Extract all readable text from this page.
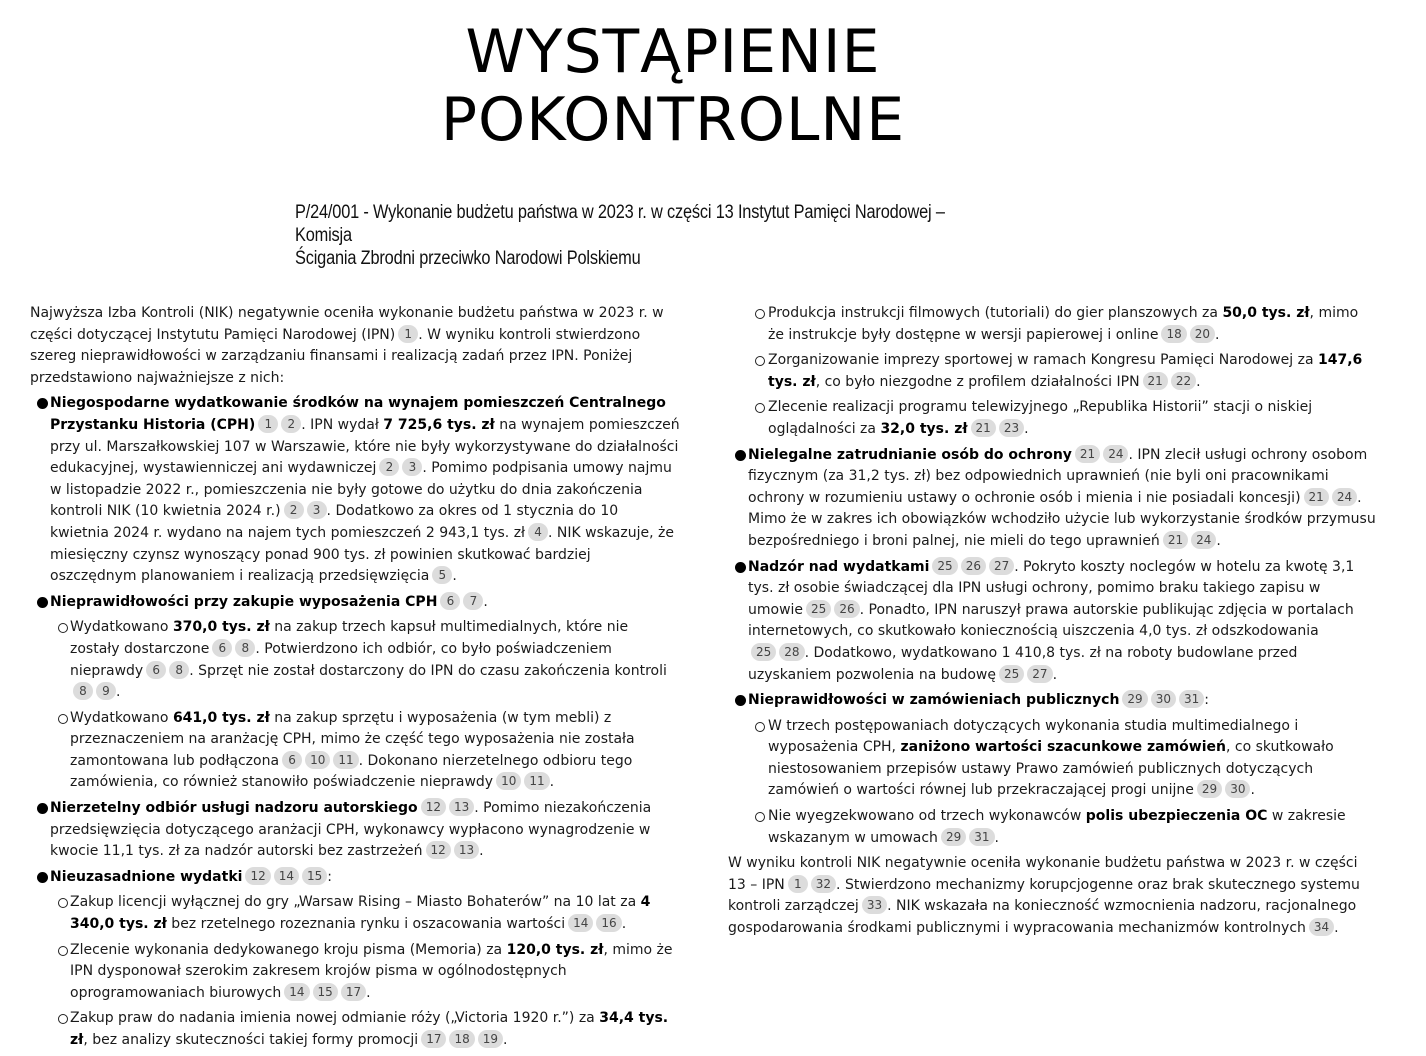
WYSTĄPIENIE
POKONTROLNE
P/24/001 - Wykonanie budżetu państwa w 2023 r. w części 13 Instytut Pamięci Narodowej – Komisja
Ścigania Zbrodni przeciwko Narodowi Polskiemu

Najwyższa Izba Kontroli (NIK) negatywnie oceniła wykonanie budżetu państwa w 2023 r. w części dotyczącej Instytutu Pamięci Narodowej (IPN) 1 . W wyniku kontroli stwierdzono szereg nieprawidłowości w zarządzaniu finansami i realizacją zadań przez IPN. Poniżej przedstawiono najważniejsze z nich:

Niegospodarne wydatkowanie środków na wynajem pomieszczeń Centralnego Przystanku Historia (CPH) 1 2 . IPN wydał 7 725,6 tys. zł na wynajem pomieszczeń przy ul. Marszałkowskiej 107 w Warszawie, które nie były wykorzystywane do działalności edukacyjnej, wystawienniczej ani wydawniczej 2 3 . Pomimo podpisania umowy najmu w listopadzie 2022 r., pomieszczenia nie były gotowe do użytku do dnia zakończenia kontroli NIK (10 kwietnia 2024 r.) 2 3 . Dodatkowo za okres od 1 stycznia do 10 kwietnia 2024 r. wydano na najem tych pomieszczeń 2 943,1 tys. zł 4 . NIK wskazuje, że miesięczny czynsz wynoszący ponad 900 tys. zł powinien skutkować bardziej oszczędnym planowaniem i realizacją przedsięwzięcia 5 .
Nieprawidłowości przy zakupie wyposażenia CPH 6 7 .
Wydatkowano 370,0 tys. zł na zakup trzech kapsuł multimedialnych, które nie zostały dostarczone 6 8 . Potwierdzono ich odbiór, co było poświadczeniem nieprawdy 6 8 . Sprzęt nie został dostarczony do IPN do czasu zakończenia kontroli8 9 .
Wydatkowano 641,0 tys. zł na zakup sprzętu i wyposażenia (w tym mebli) z przeznaczeniem na aranżację CPH, mimo że część tego wyposażenia nie została zamontowana lub podłączona 6 10 11 . Dokonano nierzetelnego odbioru tego zamówienia, co również stanowiło poświadczenie nieprawdy 10 11 .
Nierzetelny odbiór usługi nadzoru autorskiego 12 13 . Pomimo niezakończenia przedsięwzięcia dotyczącego aranżacji CPH, wykonawcy wypłacono wynagrodzenie w kwocie 11,1 tys. zł za nadzór autorski bez zastrzeżeń 12 13 .
Nieuzasadnione wydatki 12 14 15 :
Zakup licencji wyłącznej do gry „Warsaw Rising – Miasto Bohaterów” na 10 lat za 4 340,0 tys. zł bez rzetelnego rozeznania rynku i oszacowania wartości 14 16 .
Zlecenie wykonania dedykowanego kroju pisma (Memoria) za 120,0 tys. zł, mimo że IPN dysponował szerokim zakresem krojów pisma w ogólnodostępnych oprogramowaniach biurowych 14 15 17 .
Zakup praw do nadania imienia nowej odmianie róży („Victoria 1920 r.”) za 34,4 tys. zł, bez analizy skuteczności takiej formy promocji 17 18 19 .
Produkcja instrukcji filmowych (tutoriali) do gier planszowych za 50,0 tys. zł, mimo że instrukcje były dostępne w wersji papierowej i online 18 20 .
Zorganizowanie imprezy sportowej w ramach Kongresu Pamięci Narodowej za 147,6 tys. zł, co było niezgodne z profilem działalności IPN 21 22 .
Zlecenie realizacji programu telewizyjnego „Republika Historii” stacji o niskiej oglądalności za 32,0 tys. zł 21 23 .
Nielegalne zatrudnianie osób do ochrony 21 24 . IPN zlecił usługi ochrony osobom fizycznym (za 31,2 tys. zł) bez odpowiednich uprawnień (nie byli oni pracownikami ochrony w rozumieniu ustawy o ochronie osób i mienia i nie posiadali koncesji) 21 24 . Mimo że w zakres ich obowiązków wchodziło użycie lub wykorzystanie środków przymusu bezpośredniego i broni palnej, nie mieli do tego uprawnień 21 24 .
Nadzór nad wydatkami 25 26 27 . Pokryto koszty noclegów w hotelu za kwotę 3,1 tys. zł osobie świadczącej dla IPN usługi ochrony, pomimo braku takiego zapisu w umowie 25 26 . Ponadto, IPN naruszył prawa autorskie publikując zdjęcia w portalach internetowych, co skutkowało koniecznością uiszczenia 4,0 tys. zł odszkodowania25 28 . Dodatkowo, wydatkowano 1 410,8 tys. zł na roboty budowlane przed uzyskaniem pozwolenia na budowę 25 27 .
Nieprawidłowości w zamówieniach publicznych 29 30 31 :
W trzech postępowaniach dotyczących wykonania studia multimedialnego i wyposażenia CPH, zaniżono wartości szacunkowe zamówień, co skutkowało niestosowaniem przepisów ustawy Prawo zamówień publicznych dotyczących zamówień o wartości równej lub przekraczającej progi unijne 29 30 .
Nie wyegzekwowano od trzech wykonawców polis ubezpieczenia OC w zakresie wskazanym w umowach 29 31 .

W wyniku kontroli NIK negatywnie oceniła wykonanie budżetu państwa w 2023 r. w części 13 – IPN 1 32 . Stwierdzono mechanizmy korupcjogenne oraz brak skutecznego systemu kontroli zarządczej 33 . NIK wskazała na konieczność wzmocnienia nadzoru, racjonalnego gospodarowania środkami publicznymi i wypracowania mechanizmów kontrolnych 34 .
